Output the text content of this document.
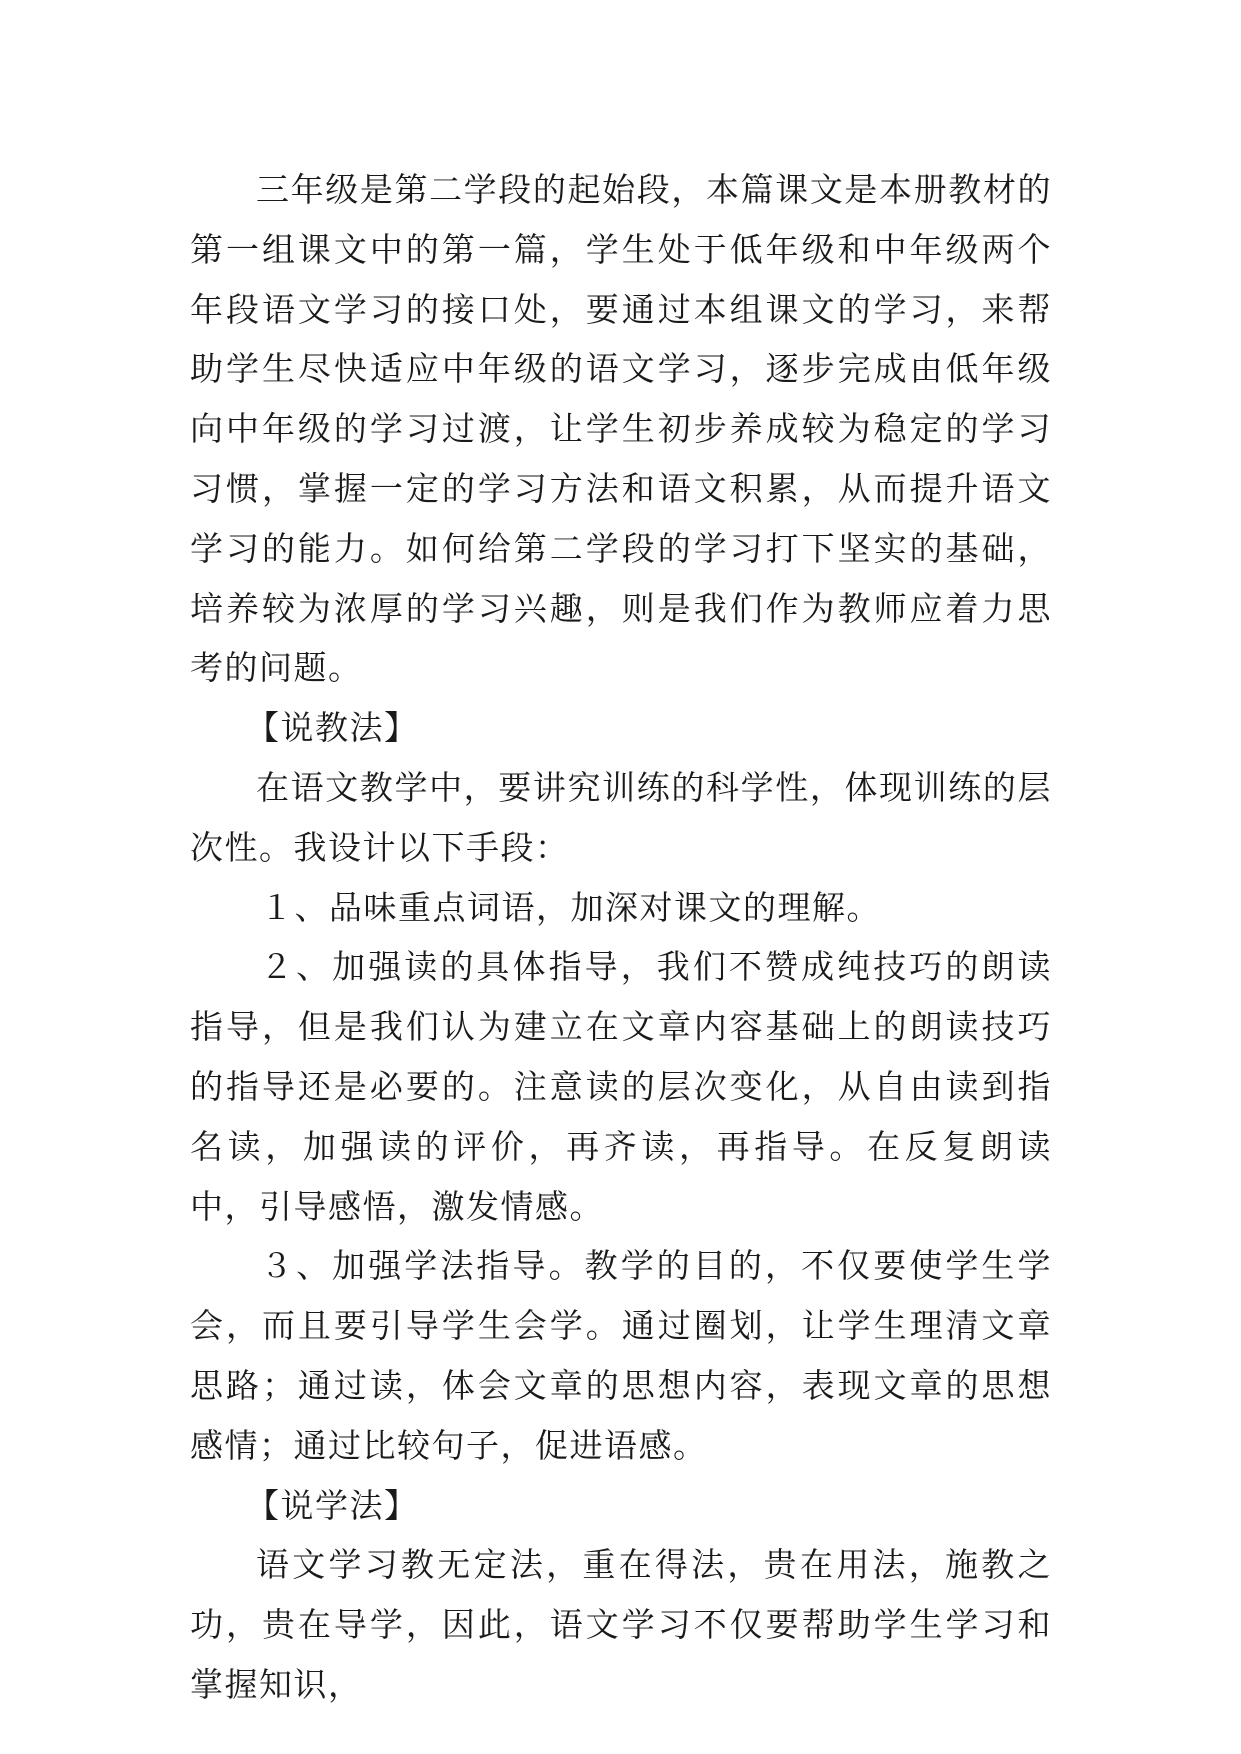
三年级是第二学段的起始段，本篇课文是本册教材的第一组课文中的第一篇，学生处于低年级和中年级两个年段语文学习的接口处，要通过本组课文的学习，来帮助学生尽快适应中年级的语文学习，逐步完成由低年级向中年级的学习过渡，让学生初步养成较为稳定的学习习惯，掌握一定的学习方法和语文积累，从而提升语文学习的能力。如何给第二学段的学习打下坚实的基础，培养较为浓厚的学习兴趣，则是我们作为教师应着力思考的问题。

【说教法】

在语文教学中，要讲究训练的科学性，体现训练的层次性。我设计以下手段：

１、品味重点词语，加深对课文的理解。

２、加强读的具体指导，我们不赞成纯技巧的朗读指导，但是我们认为建立在文章内容基础上的朗读技巧的指导还是必要的。注意读的层次变化，从自由读到指名读，加强读的评价，再齐读，再指导。在反复朗读中，引导感悟，激发情感。

３、加强学法指导。教学的目的，不仅要使学生学会，而且要引导学生会学。通过圈划，让学生理清文章思路；通过读，体会文章的思想内容，表现文章的思想感情；通过比较句子，促进语感。

【说学法】

语文学习教无定法，重在得法，贵在用法，施教之功，贵在导学，因此，语文学习不仅要帮助学生学习和掌握知识，
